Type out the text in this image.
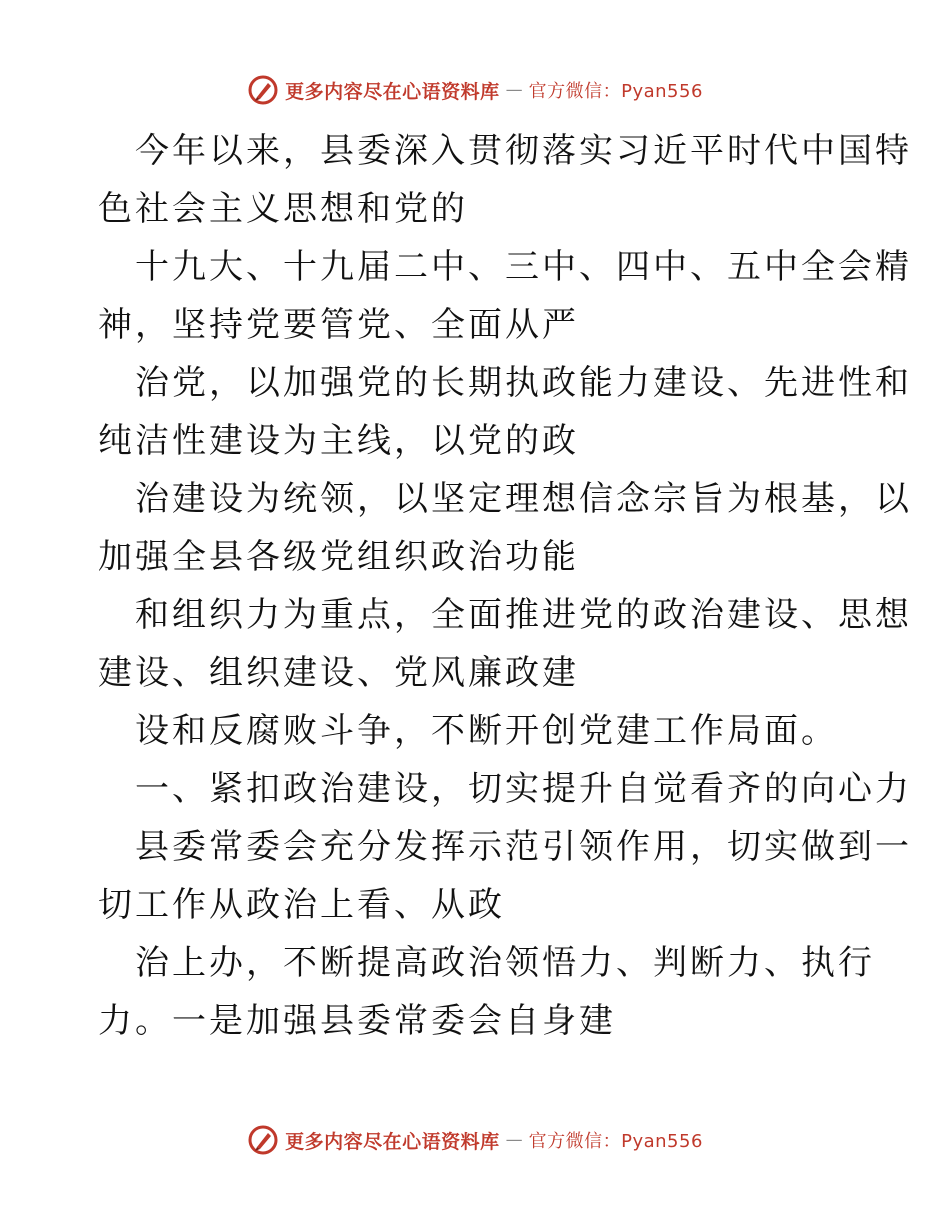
更多内容尽在心语资料库 — 官方微信：Pyan556
今年以来，县委深入贯彻落实习近平时代中国特
色社会主义思想和党的
十九大、十九届二中、三中、四中、五中全会精
神，坚持党要管党、全面从严
治党，以加强党的长期执政能力建设、先进性和
纯洁性建设为主线，以党的政
治建设为统领，以坚定理想信念宗旨为根基，以
加强全县各级党组织政治功能
和组织力为重点，全面推进党的政治建设、思想
建设、组织建设、党风廉政建
设和反腐败斗争，不断开创党建工作局面。
一、紧扣政治建设，切实提升自觉看齐的向心力
县委常委会充分发挥示范引领作用，切实做到一
切工作从政治上看、从政
治上办，不断提高政治领悟力、判断力、执行
力。一是加强县委常委会自身建
更多内容尽在心语资料库 — 官方微信：Pyan556
